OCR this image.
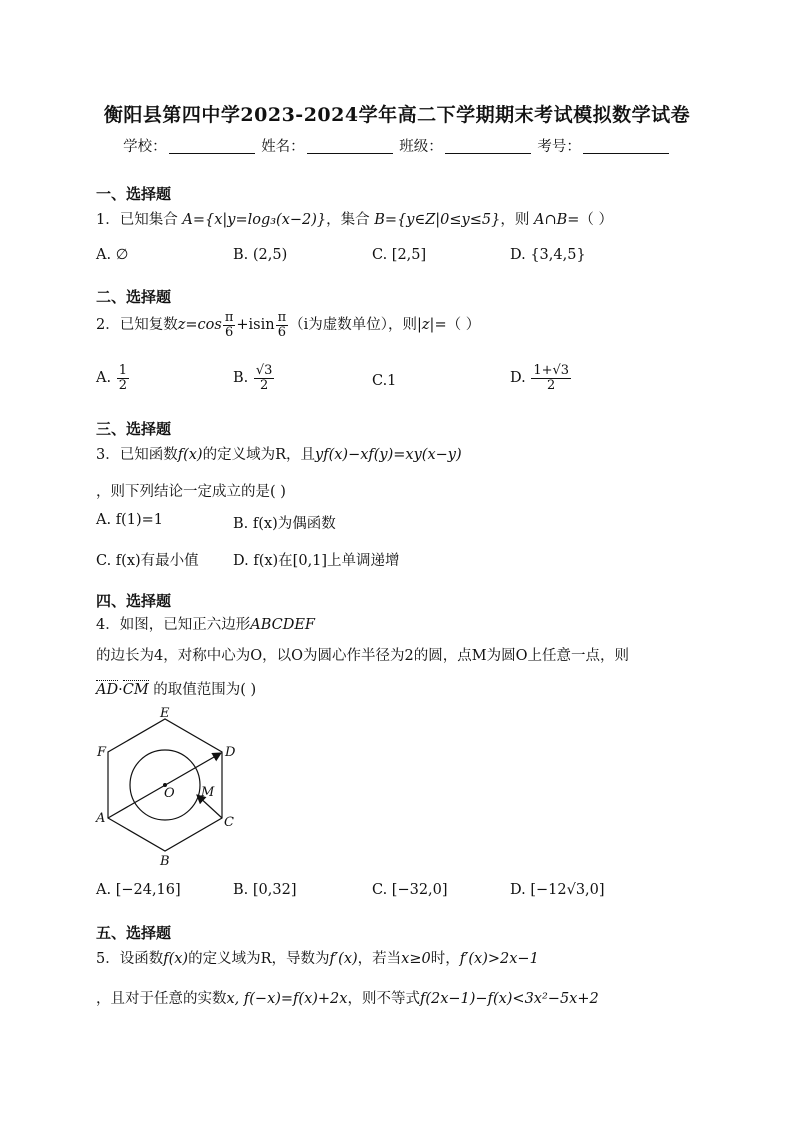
衡阳县第四中学2023-2024学年高二下学期期末考试模拟数学试卷
学校：	姓名：	班级：	考号：
一、选择题
1．已知集合 A={x|y=log₃(x−2)}，集合 B={y∈Z|0≤y≤5}，则 A∩B=（ ）
A. ∅	B. (2,5)	C. [2,5]	D. {3,4,5}
二、选择题
2．已知复数$z=\cos \frac{\pi}{6} +isin \frac{\pi}{6} (i$为虚数单位），则|z|=（ ）
A. $\frac{1}{2}$	B. $\frac{√3}{2}$	C.1	D. $\frac{1+√3}{2}$
三、选择题
3．已知函数f(x)的定义域为R，且yf(x)−xf(y)=xy(x−y)
，则下列结论一定成立的是( )
A. f(1)=1	B. f(x)为偶函数
C. f(x)有最小值 D. f(x)在[0,1]上单调递增
四、选择题
4．如图，已知正六边形ABCDEF
的边长为4，对称中心为O，以O为圆心作半径为2的圆，点M为圆O上任意一点，则
AD·CM 的取值范围为( )
A
B
C
D
E
F
O M
A. [−24,16]	B. [0,32]	C. [−32,0]	D. [−12√3,0]
五、选择题
5．设函数f(x)的定义域为R，导数为f′(x)，若当x≥0时，f′(x)>2x−1
，且对于任意的实数x, f(−x)=f(x)+2x，则不等式f(2x−1)−f(x)<3x²−5x+2
